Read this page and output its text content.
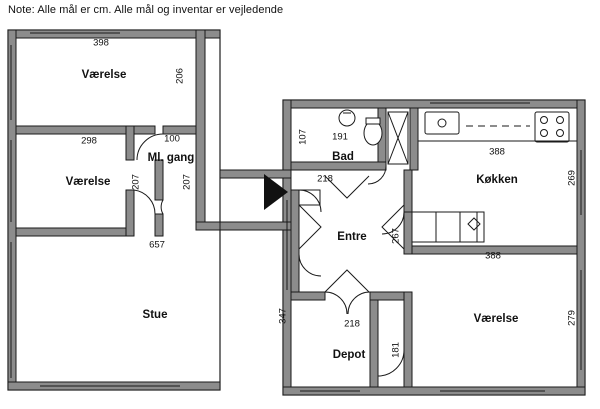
Note: Alle mål er cm. Alle mål og inventar er vejledende
Værelse
Værelse
Ml. gang
Stue
Bad
Køkken
Entre
Depot
Værelse
398
206
298	100
207	207
657
107 191
218
388
269
267
388
347
218
181
279
